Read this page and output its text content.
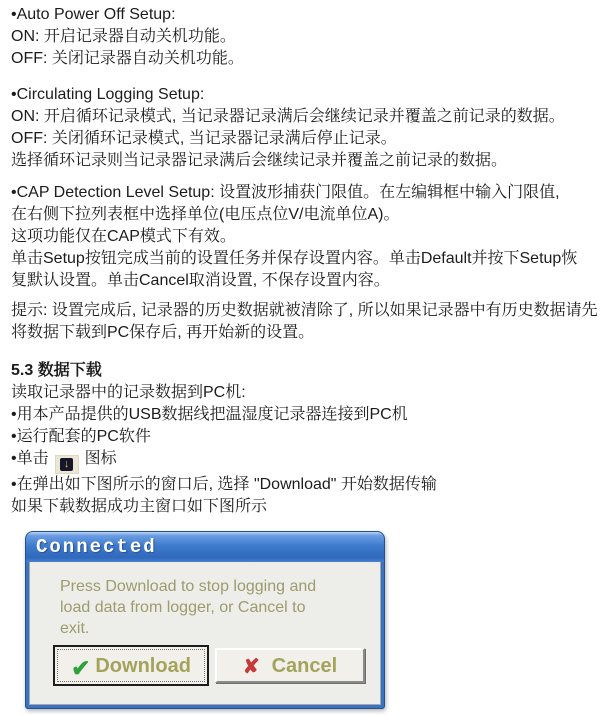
•Auto Power Off Setup:
ON: 开启记录器自动关机功能。
OFF: 关闭记录器自动关机功能。
•Circulating Logging Setup:
ON: 开启循环记录模式, 当记录器记录满后会继续记录并覆盖之前记录的数据。
OFF: 关闭循环记录模式, 当记录器记录满后停止记录。
选择循环记录则当记录器记录满后会继续记录并覆盖之前记录的数据。
•CAP Detection Level Setup: 设置波形捕获门限值。在左编辑框中输入门限值,
在右侧下拉列表框中选择单位(电压点位V/电流单位A)。
这项功能仅在CAP模式下有效。
单击Setup按钮完成当前的设置任务并保存设置内容。单击Default并按下Setup恢
复默认设置。单击Cancel取消设置, 不保存设置内容。
提示: 设置完成后, 记录器的历史数据就被清除了, 所以如果记录器中有历史数据请先
将数据下载到PC保存后, 再开始新的设置。
5.3 数据下载
读取记录器中的记录数据到PC机:
•用本产品提供的USB数据线把温湿度记录器连接到PC机
•运行配套的PC软件
•单击 ↓ 图标
•在弹出如下图所示的窗口后, 选择 "Download" 开始数据传输
如果下载数据成功主窗口如下图所示
Connected
Press Download to stop logging and
load data from logger, or Cancel to
exit.
✔ Download	✘ Cancel
